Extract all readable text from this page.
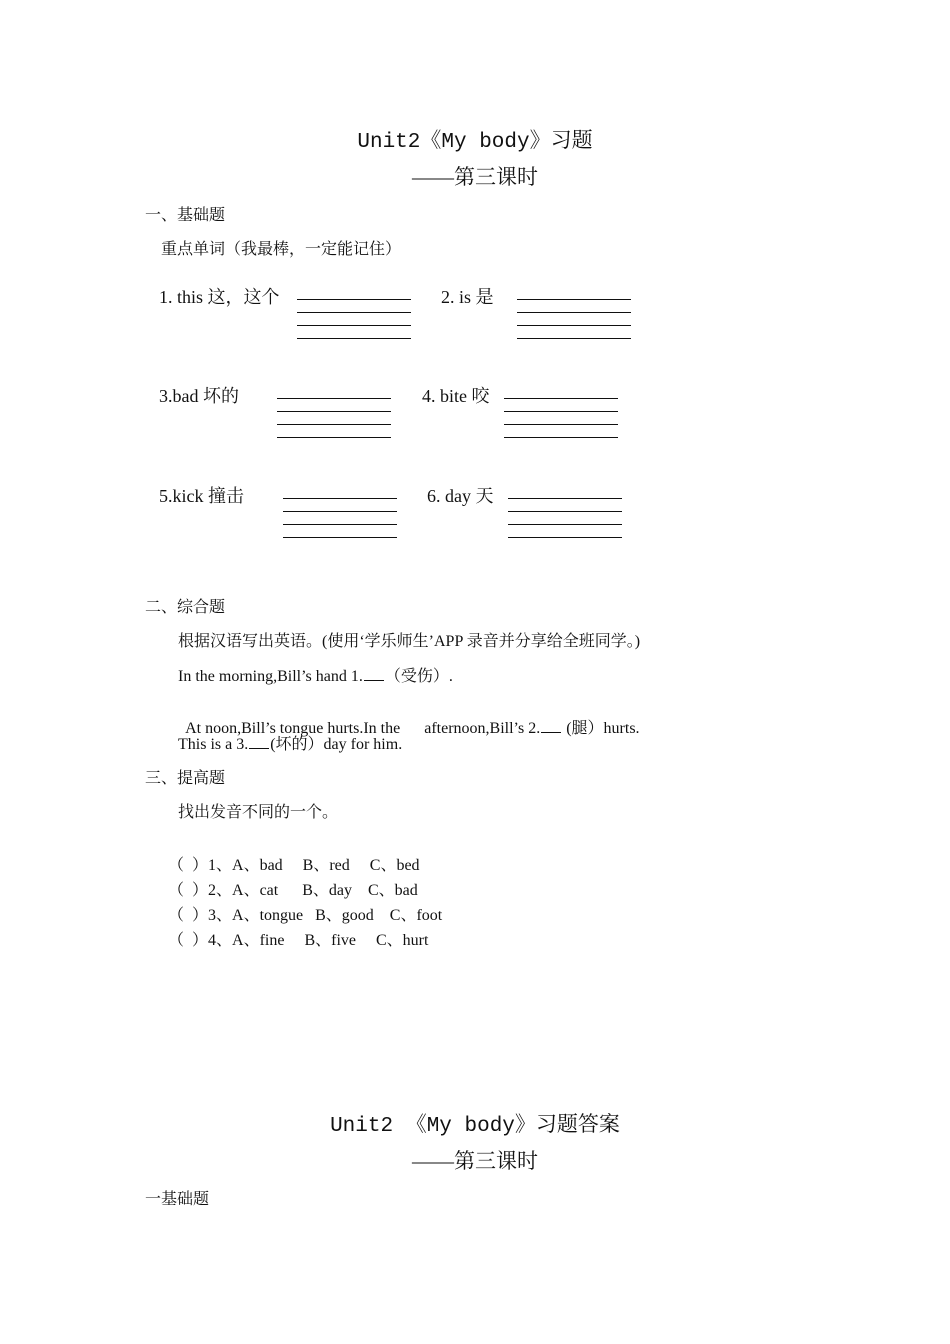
Unit2《My body》习题
——第三课时
一、基础题
重点单词（我最棒，一定能记住）
1. this 这，这个	2. is 是
3.bad 坏的	4. bite 咬
5.kick 撞击	6. day 天
二、综合题
根据汉语写出英语。(使用‘学乐师生’APP 录音并分享给全班同学。)
In the morning,Bill’s hand 1. （受伤）.

At noon,Bill’s tongue hurts.In the      afternoon,Bill’s 2. (腿）hurts.

This is a 3. (坏的）day for him.
三、提高题
找出发音不同的一个。

（  ）1、A、bad     B、red     C、bed

（  ）2、A、cat      B、day    C、bad

（  ）3、A、tongue   B、good    C、foot

（  ）4、A、fine     B、five     C、hurt

Unit2 《My body》习题答案
——第三课时
一基础题
